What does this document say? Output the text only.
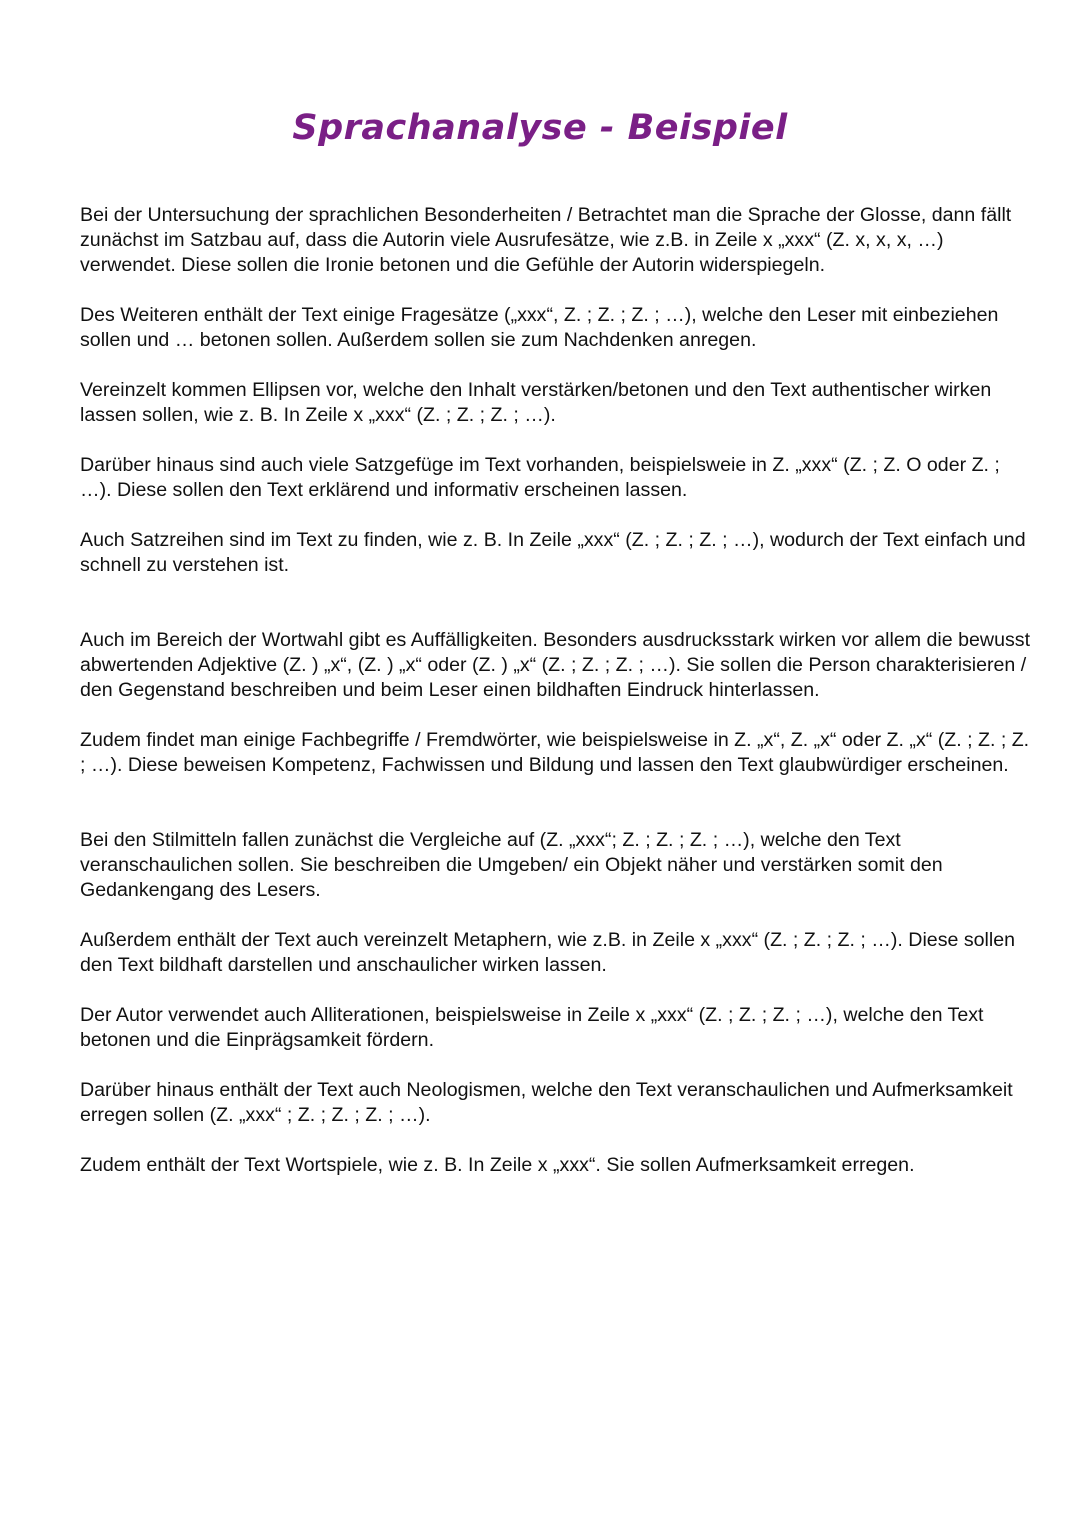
Sprachanalyse - Beispiel

Bei der Untersuchung der sprachlichen Besonderheiten / Betrachtet man die Sprache der Glosse, dann fällt zunächst im Satzbau auf, dass die Autorin viele Ausrufesätze, wie z.B. in Zeile x „xxx“ (Z. x, x, x, …) verwendet. Diese sollen die Ironie betonen und die Gefühle der Autorin widerspiegeln.

Des Weiteren enthält der Text einige Fragesätze („xxx“, Z. ; Z. ; Z. ; …), welche den Leser mit einbeziehen sollen und … betonen sollen. Außerdem sollen sie zum Nachdenken anregen.

Vereinzelt kommen Ellipsen vor, welche den Inhalt verstärken/betonen und den Text authentischer wirken lassen sollen, wie z. B. In Zeile x „xxx“ (Z. ; Z. ; Z. ; …).

Darüber hinaus sind auch viele Satzgefüge im Text vorhanden, beispielsweie in Z. „xxx“ (Z. ; Z. O oder Z. ; …). Diese sollen den Text erklärend und informativ erscheinen lassen.

Auch Satzreihen sind im Text zu finden, wie z. B. In Zeile „xxx“ (Z. ; Z. ; Z. ; …), wodurch der Text einfach und schnell zu verstehen ist.

Auch im Bereich der Wortwahl gibt es Auffälligkeiten. Besonders ausdrucksstark wirken vor allem die bewusst abwertenden Adjektive (Z. ) „x“, (Z. ) „x“ oder (Z. ) „x“ (Z. ; Z. ; Z. ; …). Sie sollen die Person charakterisieren / den Gegenstand beschreiben und beim Leser einen bildhaften Eindruck hinterlassen.

Zudem findet man einige Fachbegriffe / Fremdwörter, wie beispielsweise in Z. „x“, Z. „x“ oder Z. „x“ (Z. ; Z. ; Z. ; …). Diese beweisen Kompetenz, Fachwissen und Bildung und lassen den Text glaubwürdiger erscheinen.

Bei den Stilmitteln fallen zunächst die Vergleiche auf (Z. „xxx“; Z. ; Z. ; Z. ; …), welche den Text veranschaulichen sollen. Sie beschreiben die Umgeben/ ein Objekt näher und verstärken somit den Gedankengang des Lesers.

Außerdem enthält der Text auch vereinzelt Metaphern, wie z.B. in Zeile x „xxx“ (Z. ; Z. ; Z. ; …). Diese sollen den Text bildhaft darstellen und anschaulicher wirken lassen.

Der Autor verwendet auch Alliterationen, beispielsweise in Zeile x „xxx“ (Z. ; Z. ; Z. ; …), welche den Text betonen und die Einprägsamkeit fördern.

Darüber hinaus enthält der Text auch Neologismen, welche den Text veranschaulichen und Aufmerksamkeit erregen sollen (Z. „xxx“ ; Z. ; Z. ; Z. ; …).

Zudem enthält der Text Wortspiele, wie z. B. In Zeile x „xxx“. Sie sollen Aufmerksamkeit erregen.
